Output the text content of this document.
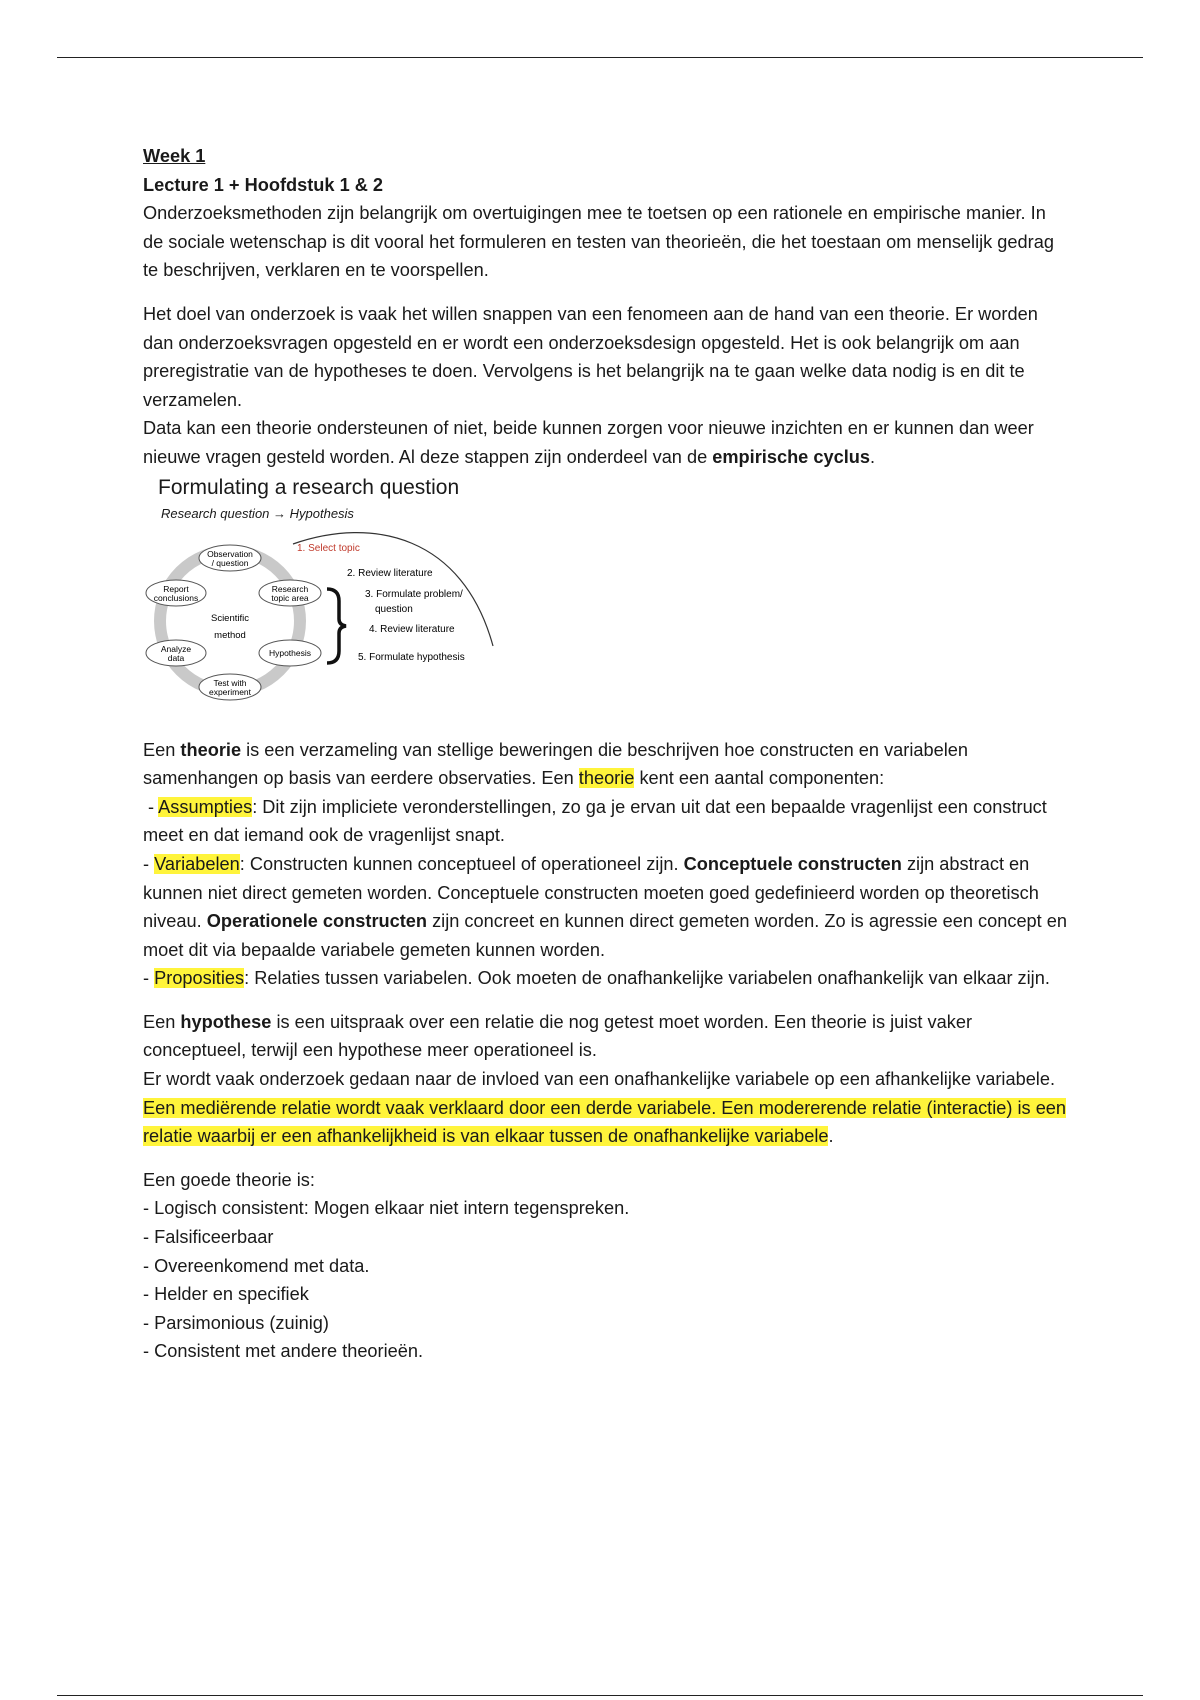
Week 1

Lecture 1 + Hoofdstuk 1 & 2

Onderzoeksmethoden zijn belangrijk om overtuigingen mee te toetsen op een rationele en empirische manier. In de sociale wetenschap is dit vooral het formuleren en testen van theorieën, die het toestaan om menselijk gedrag te beschrijven, verklaren en te voorspellen.

Het doel van onderzoek is vaak het willen snappen van een fenomeen aan de hand van een theorie. Er worden dan onderzoeksvragen opgesteld en er wordt een onderzoeksdesign opgesteld. Het is ook belangrijk om aan preregistratie van de hypotheses te doen. Vervolgens is het belangrijk na te gaan welke data nodig is en dit te verzamelen.

Data kan een theorie ondersteunen of niet, beide kunnen zorgen voor nieuwe inzichten en er kunnen dan weer nieuwe vragen gesteld worden. Al deze stappen zijn onderdeel van de empirische cyclus.

Formulating a research question
Research question → Hypothesis
Observation
/ question
Research
topic area
Hypothesis
Test with
experiment
Analyze
data
Report
conclusions
Scientific
method
1. Select topic
2. Review literature
3. Formulate problem/
question
4. Review literature
5. Formulate hypothesis

Een theorie is een verzameling van stellige beweringen die beschrijven hoe constructen en variabelen samenhangen op basis van eerdere observaties. Een theorie kent een aantal componenten:

- Assumpties: Dit zijn impliciete veronderstellingen, zo ga je ervan uit dat een bepaalde vragenlijst een construct meet en dat iemand ook de vragenlijst snapt.

- Variabelen: Constructen kunnen conceptueel of operationeel zijn. Conceptuele constructen zijn abstract en kunnen niet direct gemeten worden. Conceptuele constructen moeten goed gedefinieerd worden op theoretisch niveau. Operationele constructen zijn concreet en kunnen direct gemeten worden. Zo is agressie een concept en moet dit via bepaalde variabele gemeten kunnen worden.

- Proposities: Relaties tussen variabelen. Ook moeten de onafhankelijke variabelen onafhankelijk van elkaar zijn.

Een hypothese is een uitspraak over een relatie die nog getest moet worden. Een theorie is juist vaker conceptueel, terwijl een hypothese meer operationeel is.

Er wordt vaak onderzoek gedaan naar de invloed van een onafhankelijke variabele op een afhankelijke variabele.

Een mediërende relatie wordt vaak verklaard door een derde variabele. Een modererende relatie (interactie) is een relatie waarbij er een afhankelijkheid is van elkaar tussen de onafhankelijke variabele.

Een goede theorie is:

- Logisch consistent: Mogen elkaar niet intern tegenspreken.

- Falsificeerbaar

- Overeenkomend met data.

- Helder en specifiek

- Parsimonious (zuinig)

- Consistent met andere theorieën.
